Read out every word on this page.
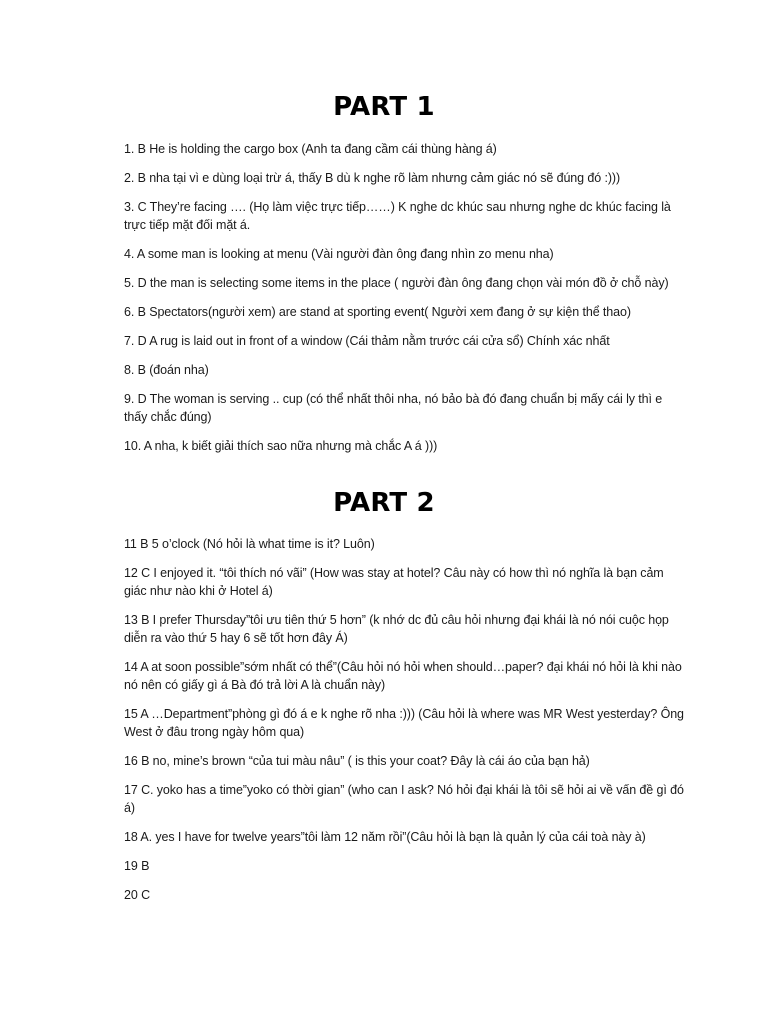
PART 1
1. B He is holding the cargo box (Anh ta đang cầm cái thùng hàng á)
2. B nha tại vì e dùng loại trừ á, thấy B dù k nghe rõ làm nhưng cảm giác nó sẽ đúng đó :)))
3. C They’re facing …. (Họ làm việc trực tiếp……) K nghe dc khúc sau nhưng nghe dc khúc facing là trực tiếp mặt đối mặt á.
4. A some man is looking at menu (Vài người đàn ông đang nhìn zo menu nha)
5. D the man is selecting some items in the place ( người đàn ông đang chọn vài món đồ ở chỗ này)
6. B Spectators(người xem) are stand at sporting event( Người xem đang ở sự kiện thể thao)
7. D A rug is laid out in front of a window (Cái thảm nằm trước cái cửa sổ) Chính xác nhất
8. B (đoán nha)
9. D The woman is serving .. cup (có thể nhất thôi nha, nó bảo bà đó đang chuẩn bị mấy cái ly thì e thấy chắc đúng)
10. A nha, k biết giải thích sao nữa nhưng mà chắc A á )))
PART 2
11 B 5 o’clock (Nó hỏi là what time is it? Luôn)
12 C I enjoyed it. “tôi thích nó vãi” (How was stay at hotel? Câu này có how thì nó nghĩa là bạn cảm giác như nào khi ở Hotel á)
13 B I prefer Thursday”tôi ưu tiên thứ 5 hơn” (k nhớ dc đủ câu hỏi nhưng đại khái là nó nói cuộc họp diễn ra vào thứ 5 hay 6 sẽ tốt hơn đây Á)
14 A at soon possible”sớm nhất có thể”(Câu hỏi nó hỏi when should…paper? đại khái nó hỏi là khi nào nó nên có giấy gì á Bà đó trả lời A là chuẩn này)
15 A …Department”phòng gì đó á e k nghe rõ nha :))) (Câu hỏi là where was MR West yesterday? Ông West ở đâu trong ngày hôm qua)
16 B no, mine’s brown “của tui màu nâu” ( is this your coat? Đây là cái áo của bạn hả)
17 C. yoko has a time”yoko có thời gian” (who can I ask? Nó hỏi đại khái là tôi sẽ hỏi ai về vấn đề gì đó á)
18 A. yes I have for twelve years”tôi làm 12 năm rồi”(Câu hỏi là bạn là quản lý của cái toà này à)
19 B
20 C
